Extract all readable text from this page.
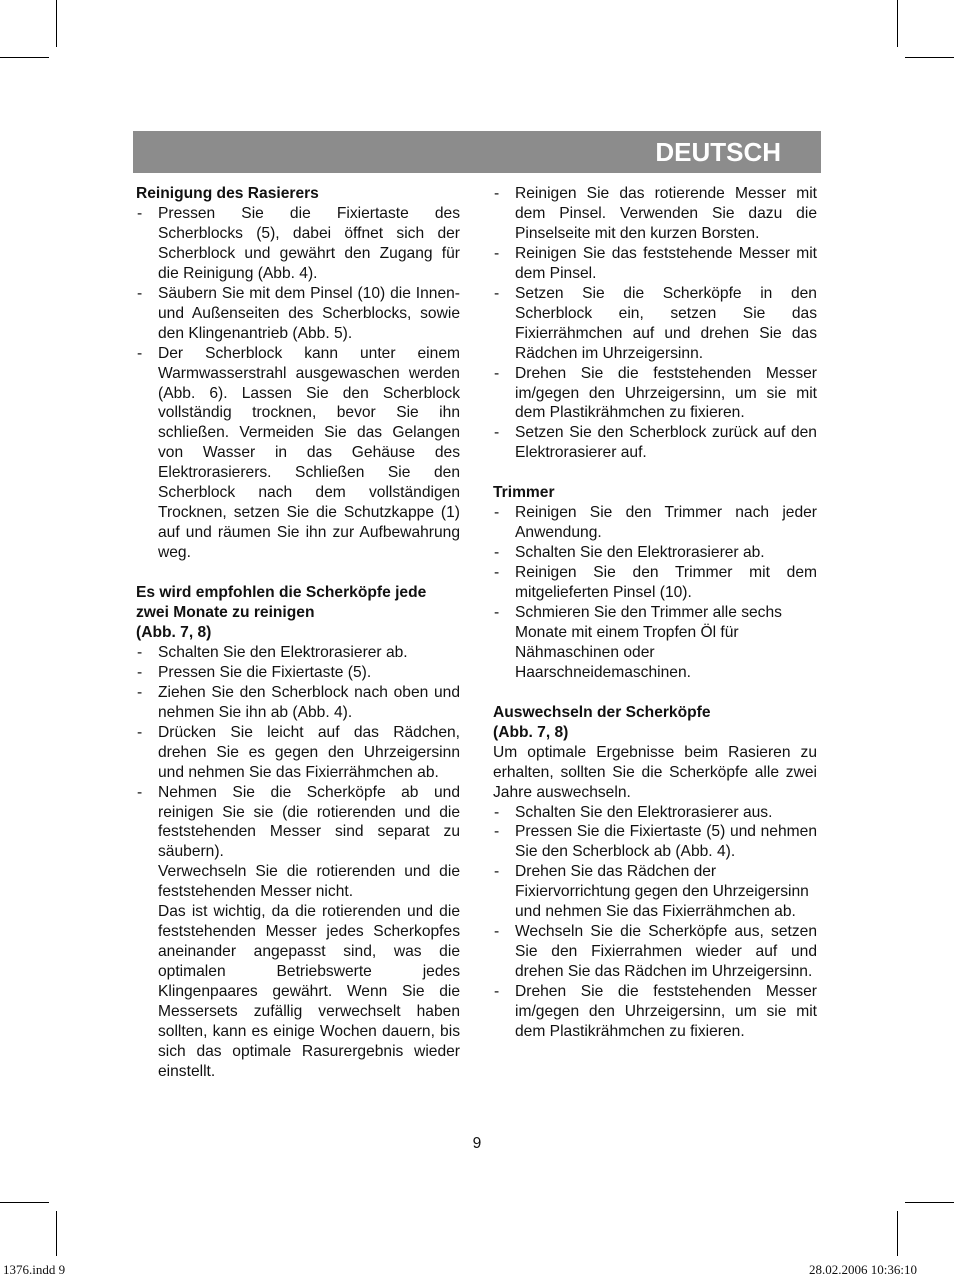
DEUTSCH
Reinigung des Rasierers
- Pressen Sie die Fixiertaste des Scherblocks (5), dabei öffnet sich der Scherblock und gewährt den Zugang für die Reinigung (Abb. 4).
- Säubern Sie mit dem Pinsel (10) die Innen- und Außenseiten des Scherblocks, sowie den Klingenantrieb (Abb. 5).
- Der Scherblock kann unter einem Warmwasserstrahl ausgewaschen werden (Abb. 6). Lassen Sie den Scherblock vollständig trocknen, bevor Sie ihn schließen. Vermeiden Sie das Gelangen von Wasser in das Gehäuse des Elektrorasierers. Schließen Sie den Scherblock nach dem vollständigen Trocknen, setzen Sie die Schutzkappe (1) auf und räumen Sie ihn zur Aufbewahrung weg.
Es wird empfohlen die Scherköpfe jede zwei Monate zu reinigen
(Abb. 7, 8)
- Schalten Sie den Elektrorasierer ab.
- Pressen Sie die Fixiertaste (5).
- Ziehen Sie den Scherblock nach oben und nehmen Sie ihn ab (Abb. 4).
- Drücken Sie leicht auf das Rädchen, drehen Sie es gegen den Uhrzeigersinn und nehmen Sie das Fixierrähmchen ab.
- Nehmen Sie die Scherköpfe ab und reinigen Sie sie (die rotierenden und die feststehenden Messer sind separat zu säubern).
Verwechseln Sie die rotierenden und die feststehenden Messer nicht.
Das ist wichtig, da die rotierenden und die feststehenden Messer jedes Scherkopfes aneinander angepasst sind, was die optimalen Betriebswerte jedes Klingenpaares gewährt. Wenn Sie die Messersets zufällig verwechselt haben sollten, kann es einige Wochen dauern, bis sich das optimale Rasurergebnis wieder einstellt.
- Reinigen Sie das rotierende Messer mit dem Pinsel. Verwenden Sie dazu die Pinselseite mit den kurzen Borsten.
- Reinigen Sie das feststehende Messer mit dem Pinsel.
- Setzen Sie die Scherköpfe in den Scherblock ein, setzen Sie das Fixierrähmchen auf und drehen Sie das Rädchen im Uhrzeigersinn.
- Drehen Sie die feststehenden Messer im/gegen den Uhrzeigersinn, um sie mit dem Plastikrähmchen zu fixieren.
- Setzen Sie den Scherblock zurück auf den Elektrorasierer auf.
Trimmer
- Reinigen Sie den Trimmer nach jeder Anwendung.
- Schalten Sie den Elektrorasierer ab.
- Reinigen Sie den Trimmer mit dem mitgelieferten Pinsel (10).
- Schmieren Sie den Trimmer alle sechs Monate mit einem Tropfen Öl für Nähmaschinen oder Haarschneidemaschinen.
Auswechseln der Scherköpfe
(Abb. 7, 8)
Um optimale Ergebnisse beim Rasieren zu erhalten, sollten Sie die Scherköpfe alle zwei Jahre auswechseln.
- Schalten Sie den Elektrorasierer aus.
- Pressen Sie die Fixiertaste (5) und nehmen Sie den Scherblock ab (Abb. 4).
- Drehen Sie das Rädchen der Fixiervorrichtung gegen den Uhrzeigersinn und nehmen Sie das Fixierrähmchen ab.
- Wechseln Sie die Scherköpfe aus, setzen Sie den Fixierrahmen wieder auf und drehen Sie das Rädchen im Uhrzeigersinn.
- Drehen Sie die feststehenden Messer im/gegen den Uhrzeigersinn, um sie mit dem Plastikrähmchen zu fixieren.
9
1376.indd 9	28.02.2006 10:36:10
